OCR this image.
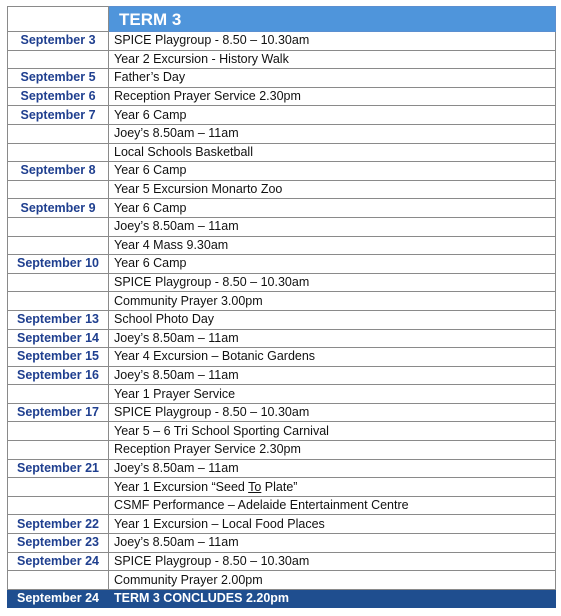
	TERM 3
September 3	SPICE Playgroup - 8.50 – 10.30am
	Year 2 Excursion - History Walk
September 5	Father’s Day
September 6	Reception Prayer Service 2.30pm
September 7	Year 6 Camp
	Joey’s 8.50am – 11am
	Local Schools Basketball
September 8	Year 6 Camp
	Year 5 Excursion Monarto Zoo
September 9	Year 6 Camp
	Joey’s 8.50am – 11am
	Year 4 Mass 9.30am
September 10	Year 6 Camp
	SPICE Playgroup - 8.50 – 10.30am
	Community Prayer 3.00pm
September 13	School Photo Day
September 14	Joey’s 8.50am – 11am
September 15	Year 4 Excursion – Botanic Gardens
September 16	Joey’s 8.50am – 11am
	Year 1 Prayer Service
September 17	SPICE Playgroup - 8.50 – 10.30am
	Year 5 – 6 Tri School Sporting Carnival
	Reception Prayer Service 2.30pm
September 21	Joey’s 8.50am – 11am
	Year 1 Excursion “Seed To Plate”
	CSMF Performance – Adelaide Entertainment Centre
September 22	Year 1 Excursion – Local Food Places
September 23	Joey’s 8.50am – 11am
September 24	SPICE Playgroup - 8.50 – 10.30am
	Community Prayer 2.00pm
September 24	TERM 3 CONCLUDES 2.20pm
